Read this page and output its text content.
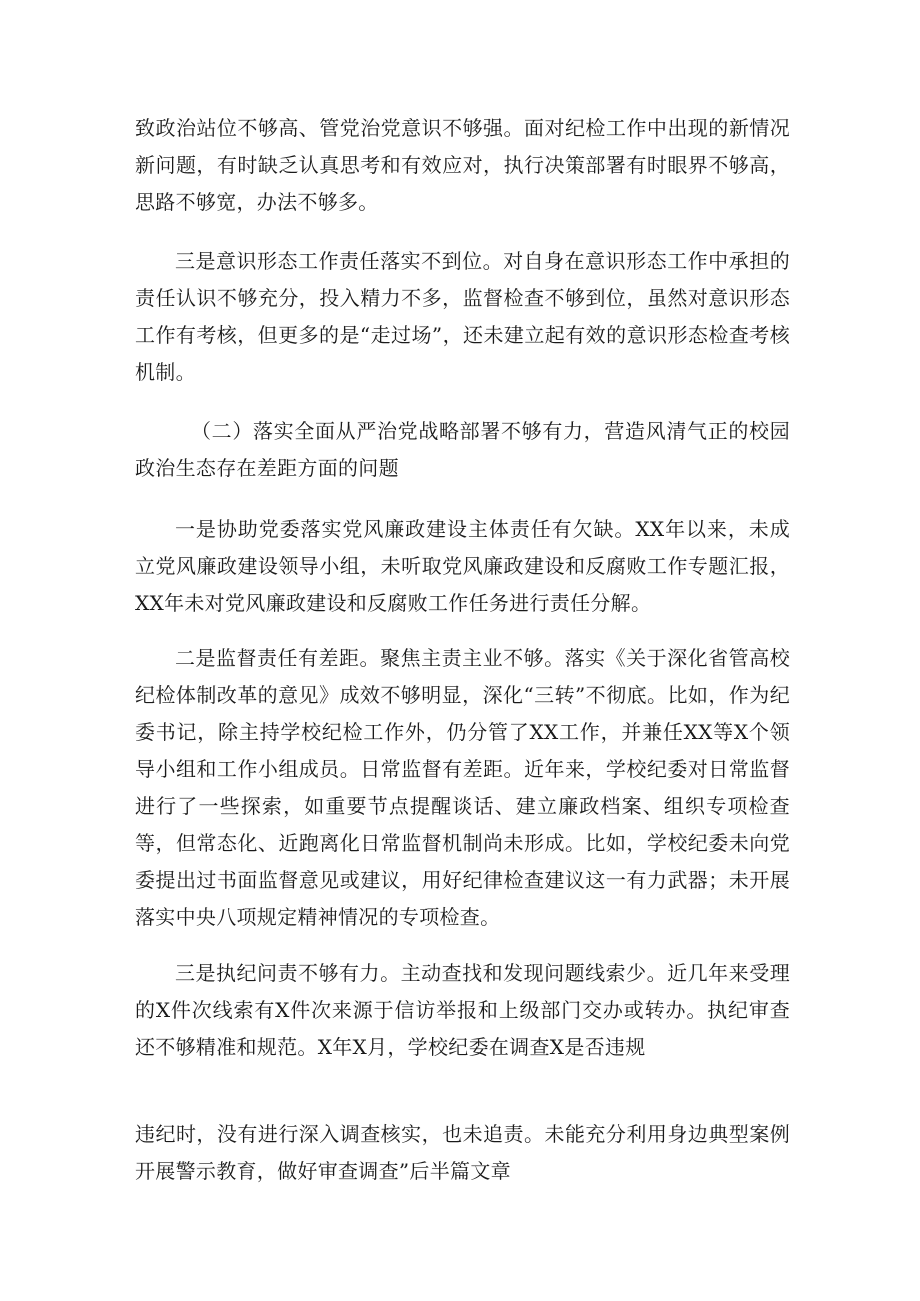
致政治站位不够高、管党治党意识不够强。面对纪检工作中出现的新情况新问题，有时缺乏认真思考和有效应对，执行决策部署有时眼界不够高，思路不够宽，办法不够多。

三是意识形态工作责任落实不到位。对自身在意识形态工作中承担的责任认识不够充分，投入精力不多，监督检查不够到位，虽然对意识形态工作有考核，但更多的是“走过场”，还未建立起有效的意识形态检查考核机制。

（二）落实全面从严治党战略部署不够有力，营造风清气正的校园政治生态存在差距方面的问题

一是协助党委落实党风廉政建设主体责任有欠缺。XX年以来，未成立党风廉政建设领导小组，未听取党风廉政建设和反腐败工作专题汇报，XX年未对党风廉政建设和反腐败工作任务进行责任分解。

二是监督责任有差距。聚焦主责主业不够。落实《关于深化省管高校纪检体制改革的意见》成效不够明显，深化“三转”不彻底。比如，作为纪委书记，除主持学校纪检工作外，仍分管了XX工作，并兼任XX等X个领导小组和工作小组成员。日常监督有差距。近年来，学校纪委对日常监督进行了一些探索，如重要节点提醒谈话、建立廉政档案、组织专项检查等，但常态化、近跑离化日常监督机制尚未形成。比如，学校纪委未向党委提出过书面监督意见或建议，用好纪律检查建议这一有力武器；未开展落实中央八项规定精神情况的专项检查。

三是执纪问责不够有力。主动查找和发现问题线索少。近几年来受理的X件次线索有X件次来源于信访举报和上级部门交办或转办。执纪审查还不够精准和规范。X年X月，学校纪委在调查X是否违规

违纪时，没有进行深入调查核实，也未追责。未能充分利用身边典型案例开展警示教育，做好审查调查”后半篇文章
